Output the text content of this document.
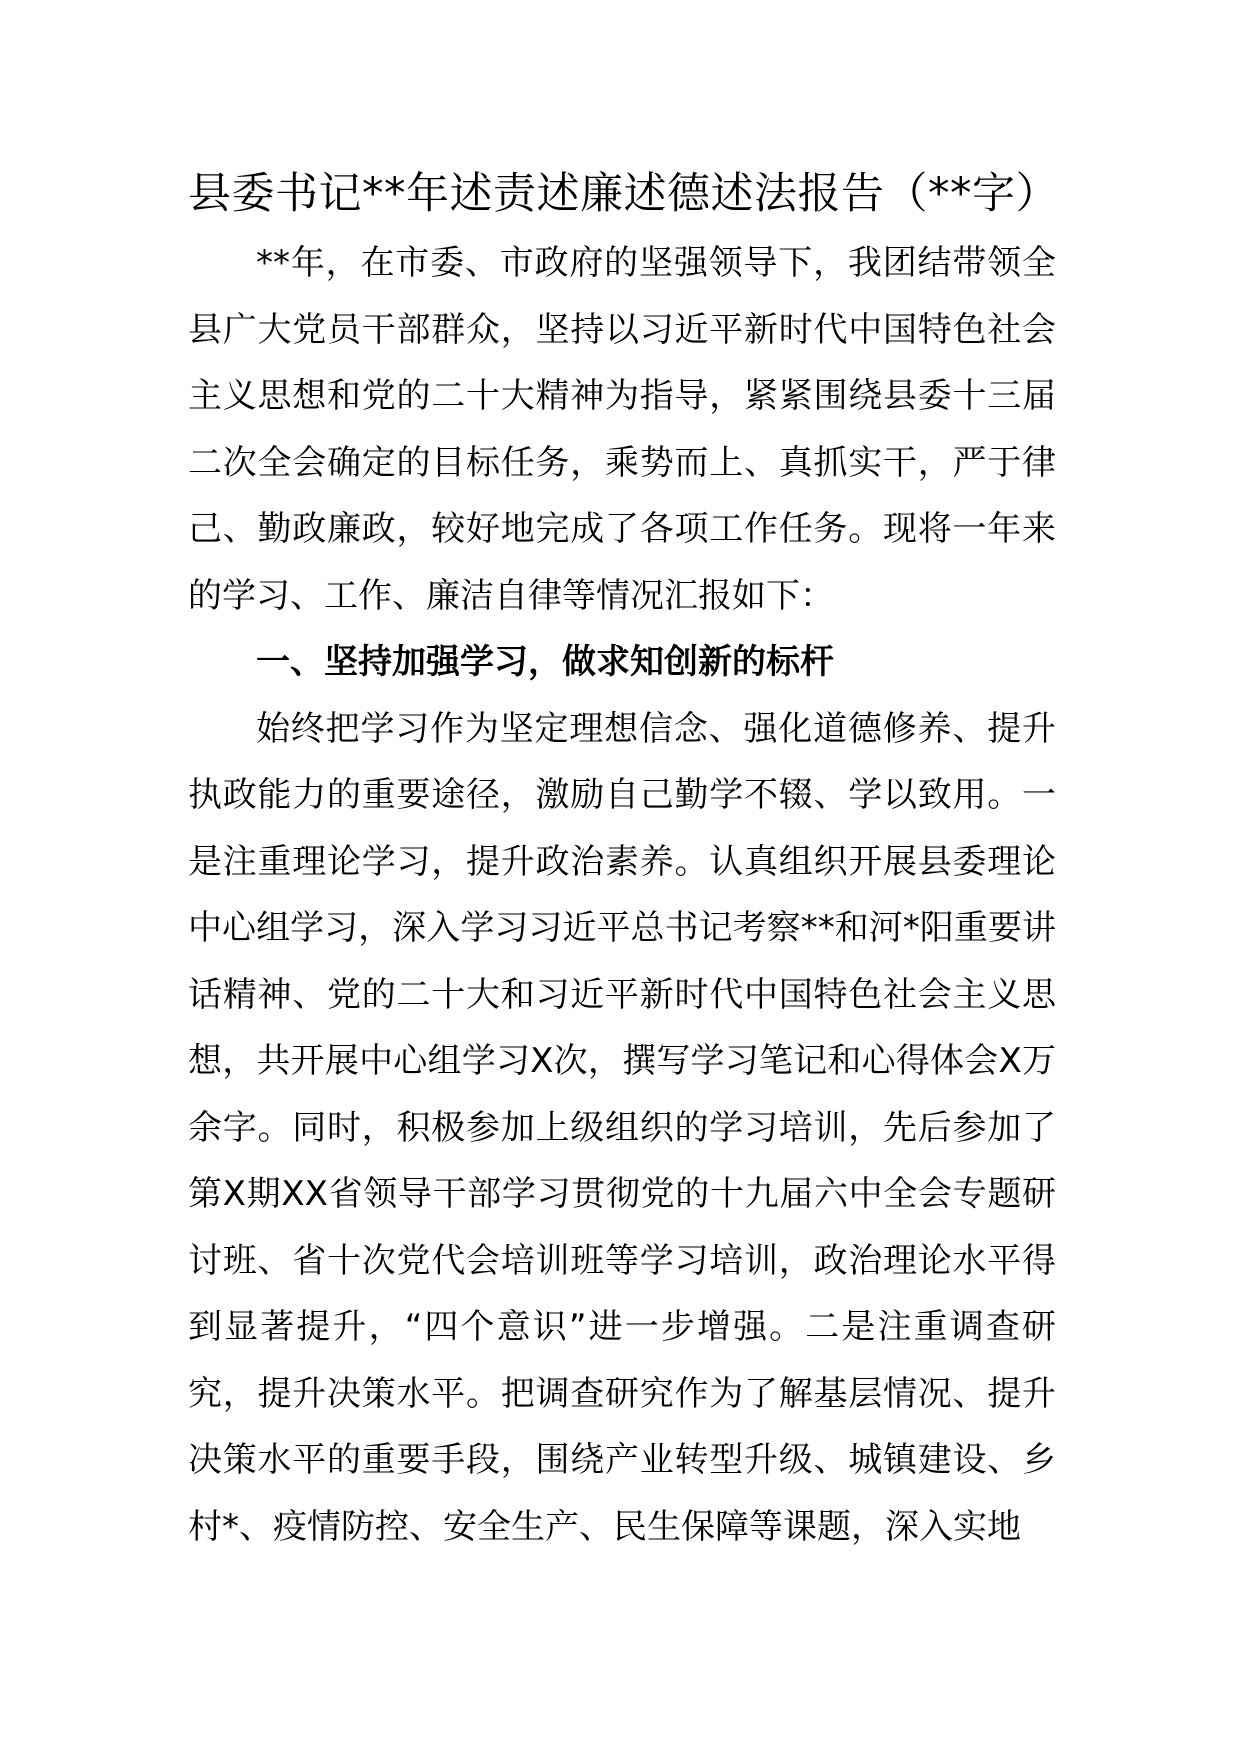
县委书记**年述责述廉述德述法报告（**字）

**年，在市委、市政府的坚强领导下，我团结带领全县广大党员干部群众，坚持以习近平新时代中国特色社会主义思想和党的二十大精神为指导，紧紧围绕县委十三届二次全会确定的目标任务，乘势而上、真抓实干，严于律己、勤政廉政，较好地完成了各项工作任务。现将一年来的学习、工作、廉洁自律等情况汇报如下：

一、坚持加强学习，做求知创新的标杆

始终把学习作为坚定理想信念、强化道德修养、提升执政能力的重要途径，激励自己勤学不辍、学以致用。一是注重理论学习，提升政治素养。认真组织开展县委理论中心组学习，深入学习习近平总书记考察**和河*阳重要讲话精神、党的二十大和习近平新时代中国特色社会主义思想，共开展中心组学习X次，撰写学习笔记和心得体会X万余字。同时，积极参加上级组织的学习培训，先后参加了第X期XX省领导干部学习贯彻党的十九届六中全会专题研讨班、省十次党代会培训班等学习培训，政治理论水平得到显著提升，“四个意识”进一步增强。二是注重调查研究，提升决策水平。把调查研究作为了解基层情况、提升决策水平的重要手段，围绕产业转型升级、城镇建设、乡村*、疫情防控、安全生产、民生保障等课题，深入实地
